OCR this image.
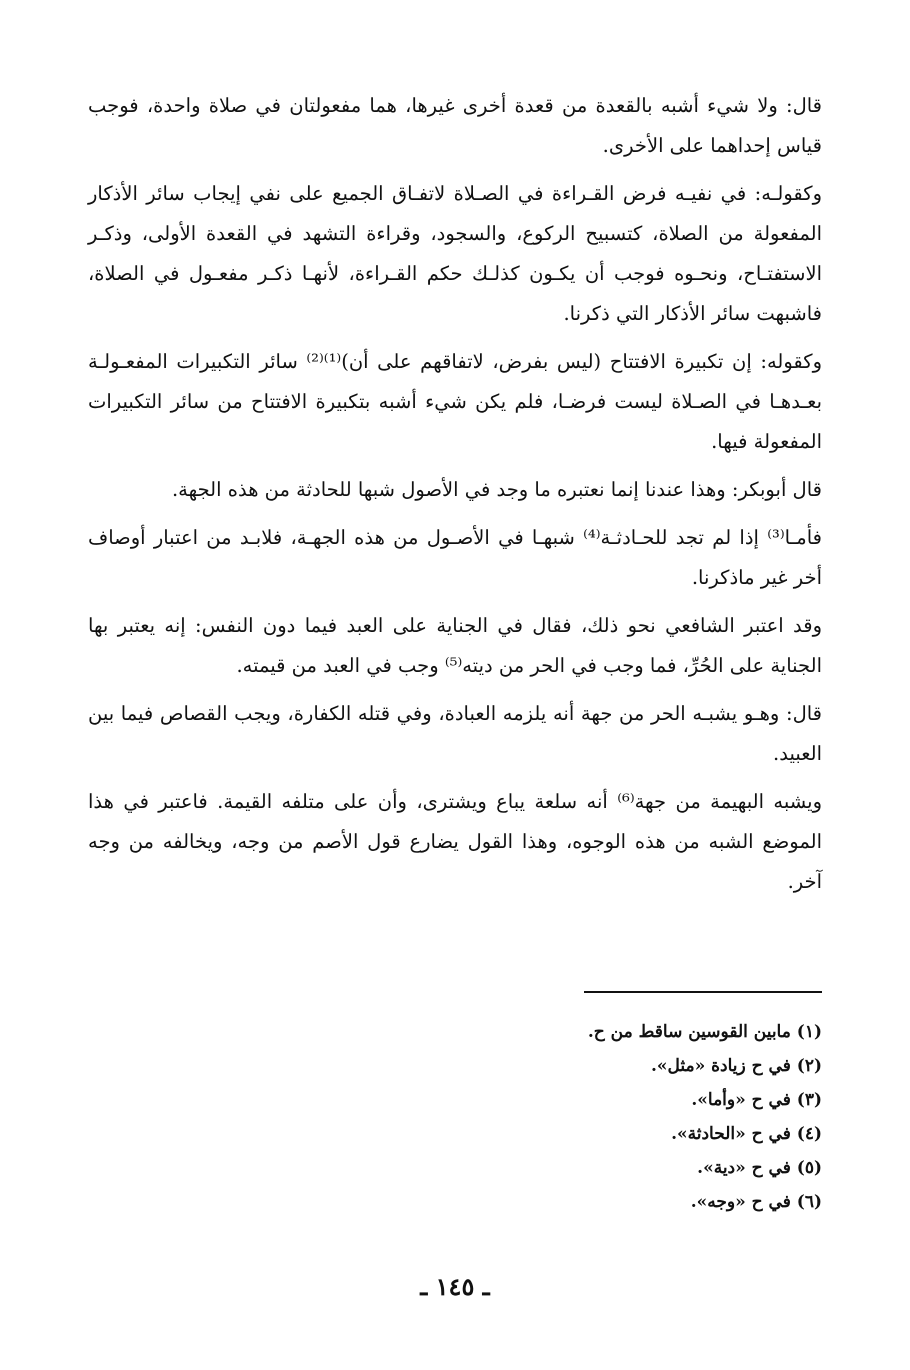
قال: ولا شيء أشبه بالقعدة من قعدة أخرى غيرها، هما مفعولتان في صلاة واحدة، فوجب قياس إحداهما على الأخرى.

وكقولـه: في نفيـه فرض القـراءة في الصـلاة لاتفـاق الجميع على نفي إيجاب سائر الأذكار المفعولة من الصلاة، كتسبيح الركوع، والسجود، وقراءة التشهد في القعدة الأولى، وذكـر الاستفتـاح، ونحـوه فوجب أن يكـون كذلـك حكم القـراءة، لأنهـا ذكـر مفعـول في الصلاة، فاشبهت سائر الأذكار التي ذكرنا.

وكقوله: إن تكبيرة الافتتاح (ليس بفرض، لاتفاقهم على أن)⁽¹⁾⁽²⁾ سائر التكبيرات المفعـولـة بعـدهـا في الصـلاة ليست فرضـا، فلم يكن شيء أشبه بتكبيرة الافتتاح من سائر التكبيرات المفعولة فيها.

قال أبوبكر: وهذا عندنا إنما نعتبره ما وجد في الأصول شبها للحادثة من هذه الجهة.

فأمـا⁽³⁾ إذا لم تجد للحـادثـة⁽⁴⁾ شبهـا في الأصـول من هذه الجهـة، فلابـد من اعتبار أوصاف أخر غير ماذكرنا.

وقد اعتبر الشافعي نحو ذلك، فقال في الجناية على العبد فيما دون النفس: إنه يعتبر بها الجناية على الحُرِّ، فما وجب في الحر من ديته⁽⁵⁾ وجب في العبد من قيمته.

قال: وهـو يشبـه الحر من جهة أنه يلزمه العبادة، وفي قتله الكفارة، ويجب القصاص فيما بين العبيد.

ويشبه البهيمة من جهة⁽⁶⁾ أنه سلعة يباع ويشترى، وأن على متلفه القيمة. فاعتبر في هذا الموضع الشبه من هذه الوجوه، وهذا القول يضارع قول الأصم من وجه، ويخالفه من وجه آخر.

(١) مابين القوسين ساقط من ح.
(٢) في ح زيادة «مثل».
(٣) في ح «وأما».
(٤) في ح «الحادثة».
(٥) في ح «دية».
(٦) في ح «وجه».
ـ ١٤٥ ـ
